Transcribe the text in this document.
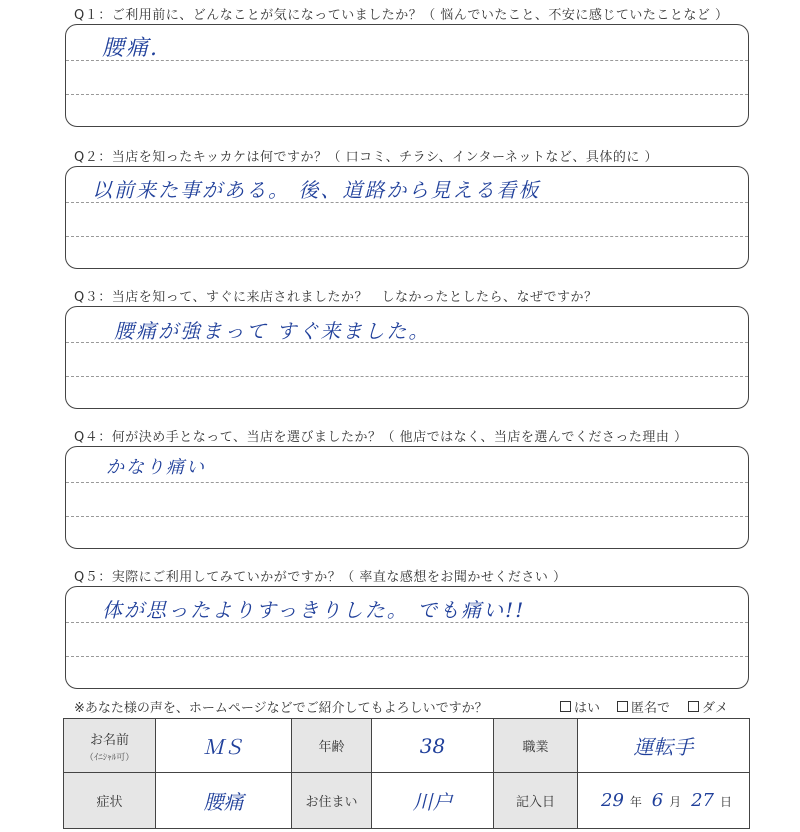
Q１：ご利用前に、どんなことが気になっていましたか？（ 悩んでいたこと、不安に感じていたことなど ）
腰痛.
Q２：当店を知ったキッカケは何ですか？（ 口コミ、チラシ、インターネットなど、具体的に ）
以前来た事がある。 後、道路から見える看板
Q３：当店を知って、すぐに来店されましたか？　しなかったとしたら、なぜですか？
腰痛が強まって すぐ来ました。
Q４：何が決め手となって、当店を選びましたか？（ 他店ではなく、当店を選んでくださった理由 ）
かなり痛い
Q５：実際にご利用してみていかがですか？（ 率直な感想をお聞かせください ）
体が思ったよりすっきりした。 でも痛い!!
※あなた様の声を、ホームページなどでご紹介してもよろしいですか？	はい	匿名で	ダメ
お名前
（ｲﾆｼｬﾙ可）	ＭＳ	年齢	38	職業	運転手
症状	腰痛	お住まい	川户	記入日	29 年 6 月 27 日
